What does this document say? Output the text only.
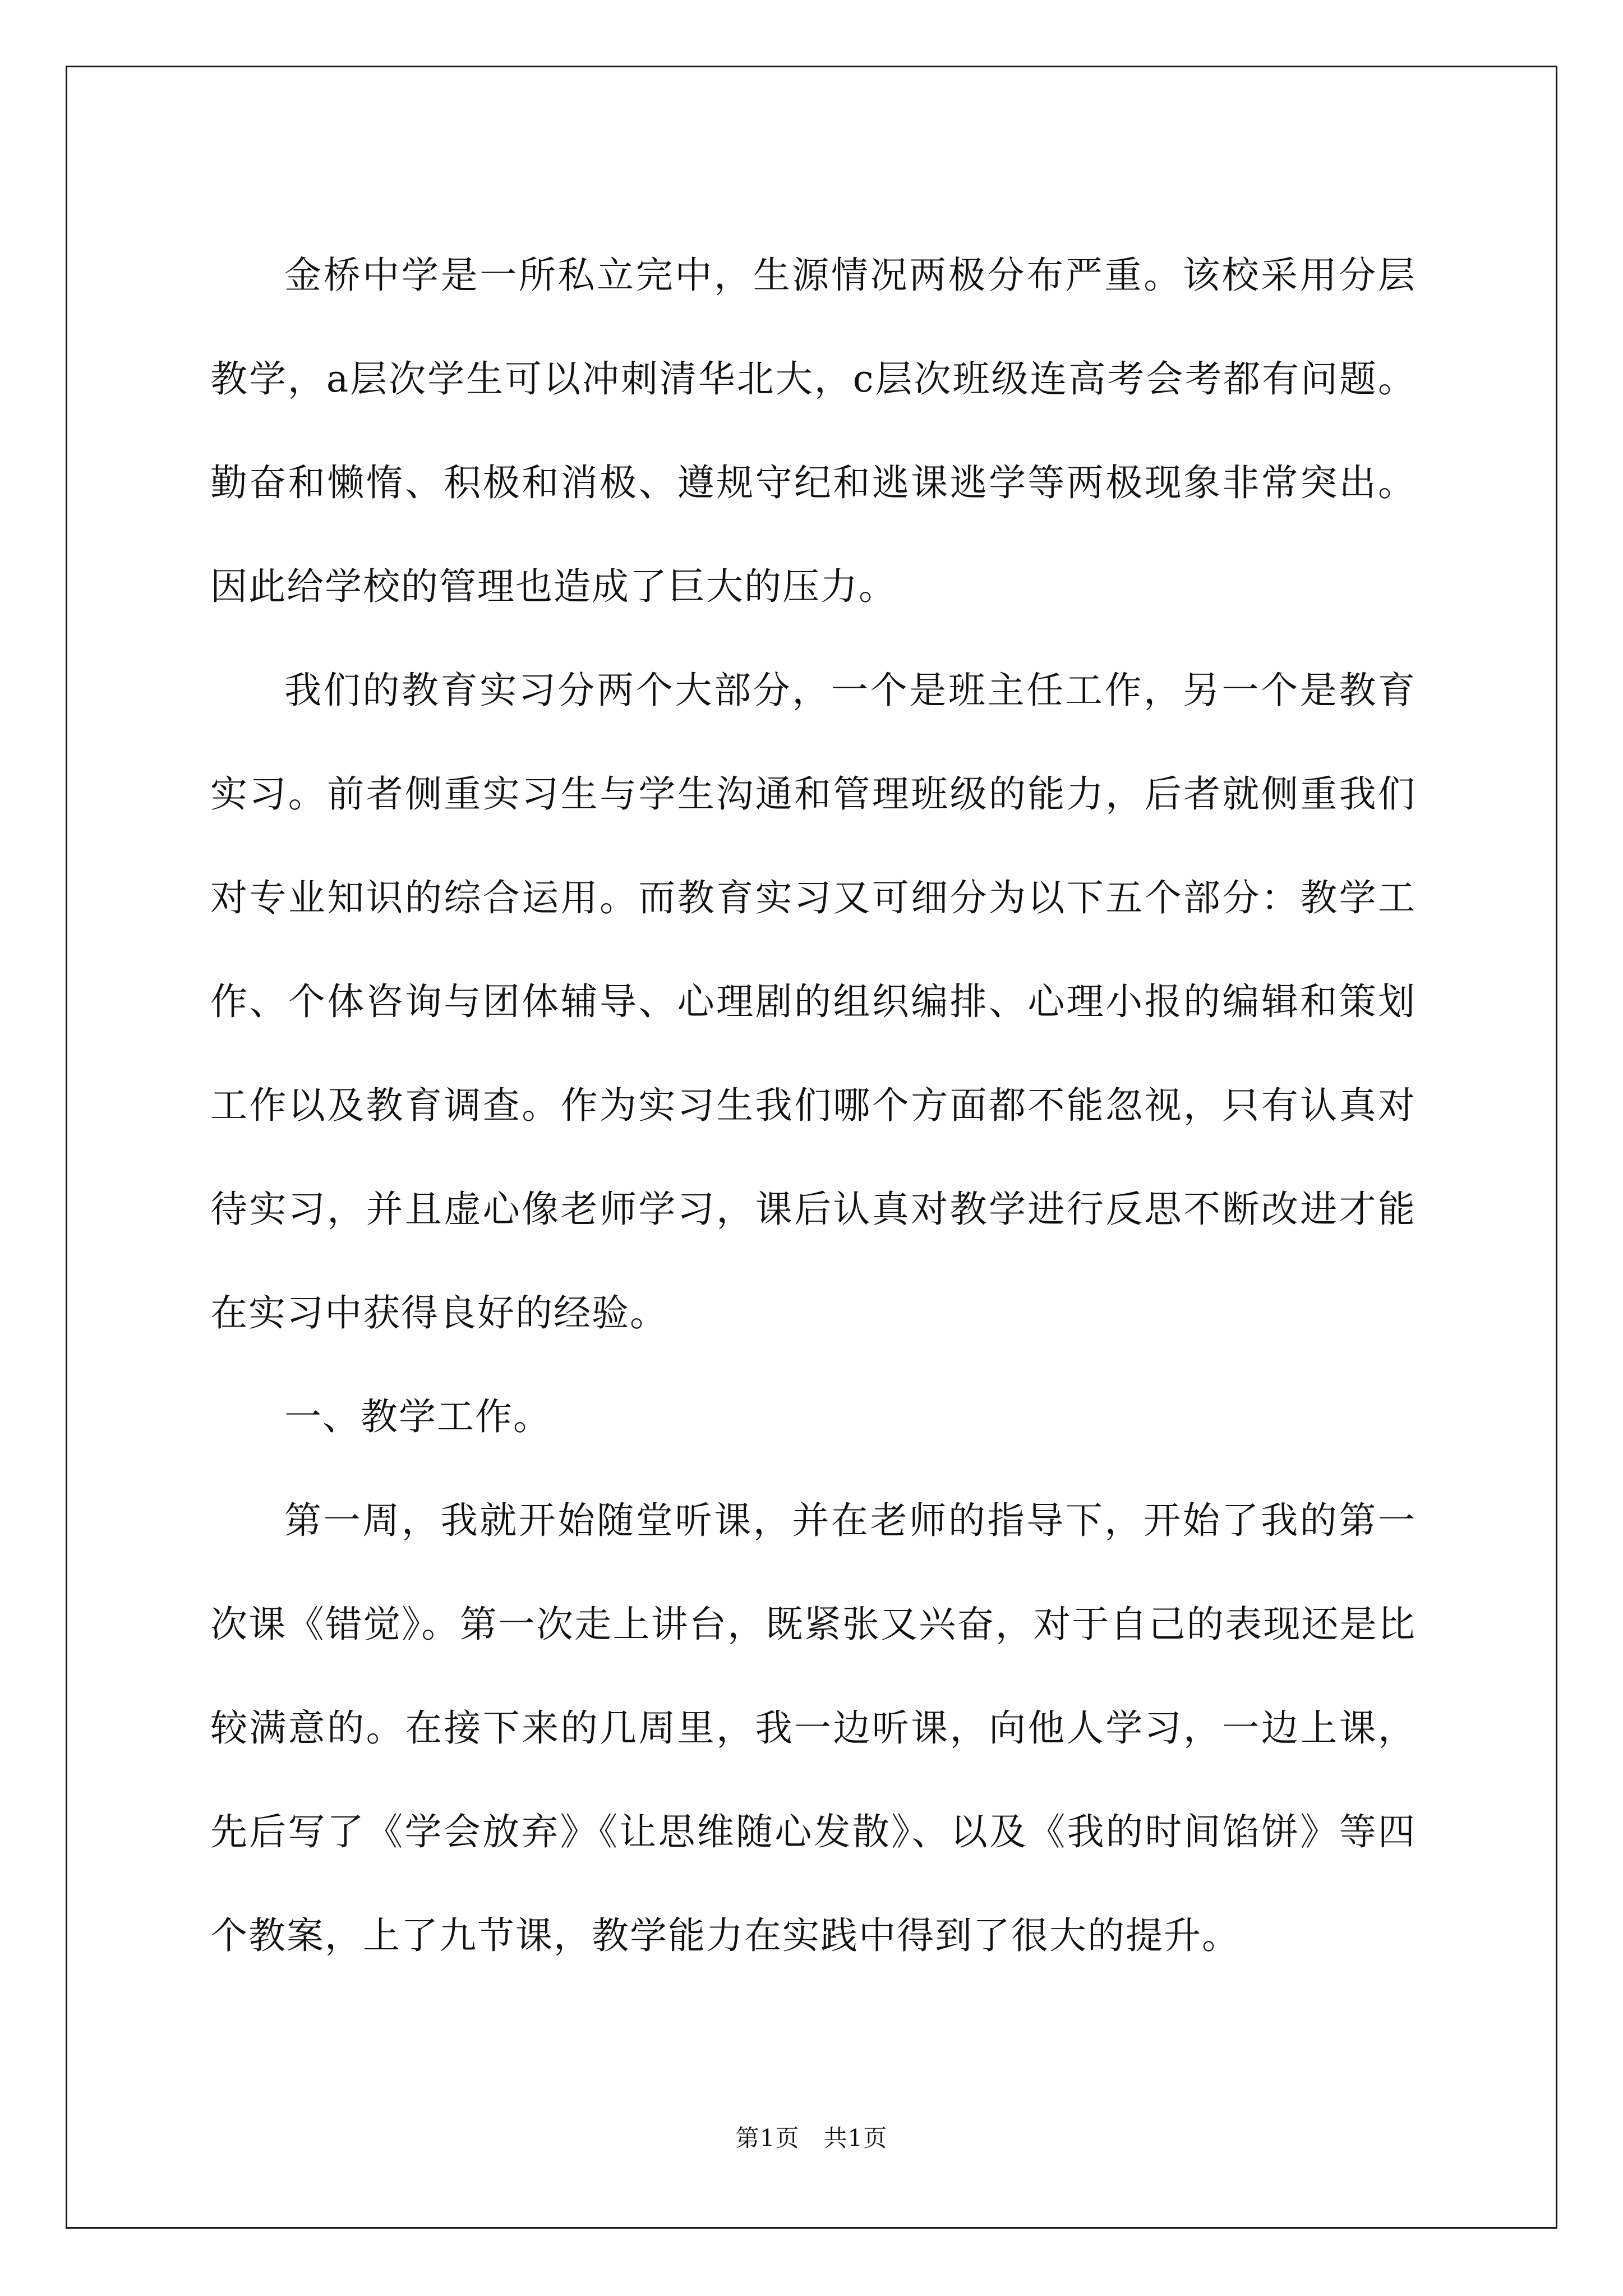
金桥中学是一所私立完中，生源情况两极分布严重。该校采用分层教学，a层次学生可以冲刺清华北大，c层次班级连高考会考都有问题。勤奋和懒惰、积极和消极、遵规守纪和逃课逃学等两极现象非常突出。因此给学校的管理也造成了巨大的压力。

我们的教育实习分两个大部分，一个是班主任工作，另一个是教育实习。前者侧重实习生与学生沟通和管理班级的能力，后者就侧重我们对专业知识的综合运用。而教育实习又可细分为以下五个部分：教学工作、个体咨询与团体辅导、心理剧的组织编排、心理小报的编辑和策划工作以及教育调查。作为实习生我们哪个方面都不能忽视，只有认真对待实习，并且虚心像老师学习，课后认真对教学进行反思不断改进才能在实习中获得良好的经验。

一、教学工作。

第一周，我就开始随堂听课，并在老师的指导下，开始了我的第一次课《错觉》。第一次走上讲台，既紧张又兴奋，对于自己的表现还是比较满意的。在接下来的几周里，我一边听课，向他人学习，一边上课，先后写了《学会放弃》《让思维随心发散》、以及《我的时间馅饼》等四个教案，上了九节课，教学能力在实践中得到了很大的提升。

第1页　共1页
